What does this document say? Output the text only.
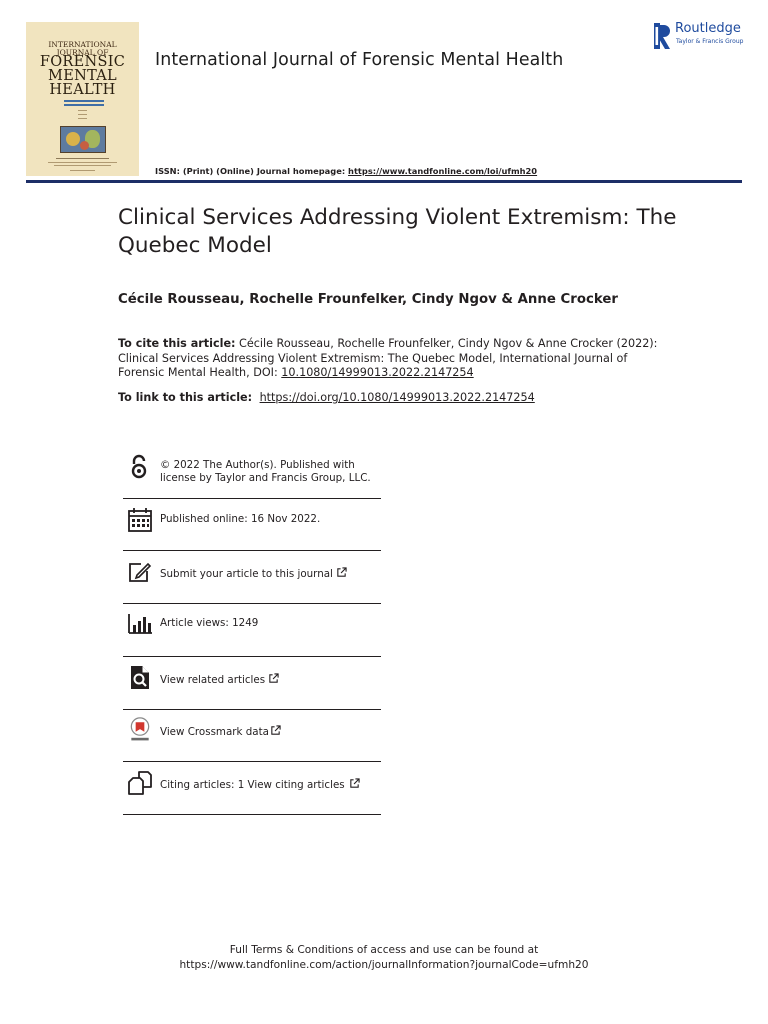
INTERNATIONAL
JOURNAL OF
FORENSIC
MENTAL
HEALTH
International Journal of Forensic Mental Health
Routledge
Taylor & Francis Group
ISSN: (Print) (Online) Journal homepage: https://www.tandfonline.com/loi/ufmh20
Clinical Services Addressing Violent Extremism: The Quebec Model
Cécile Rousseau, Rochelle Frounfelker, Cindy Ngov & Anne Crocker
To cite this article: Cécile Rousseau, Rochelle Frounfelker, Cindy Ngov & Anne Crocker (2022): Clinical Services Addressing Violent Extremism: The Quebec Model, International Journal of Forensic Mental Health, DOI: 10.1080/14999013.2022.2147254
To link to this article:  https://doi.org/10.1080/14999013.2022.2147254
© 2022 The Author(s). Published with
license by Taylor and Francis Group, LLC.
Published online: 16 Nov 2022.
Submit your article to this journal
Article views: 1249
View related articles
View Crossmark data
Citing articles: 1 View citing articles
Full Terms & Conditions of access and use can be found at
https://www.tandfonline.com/action/journalInformation?journalCode=ufmh20
